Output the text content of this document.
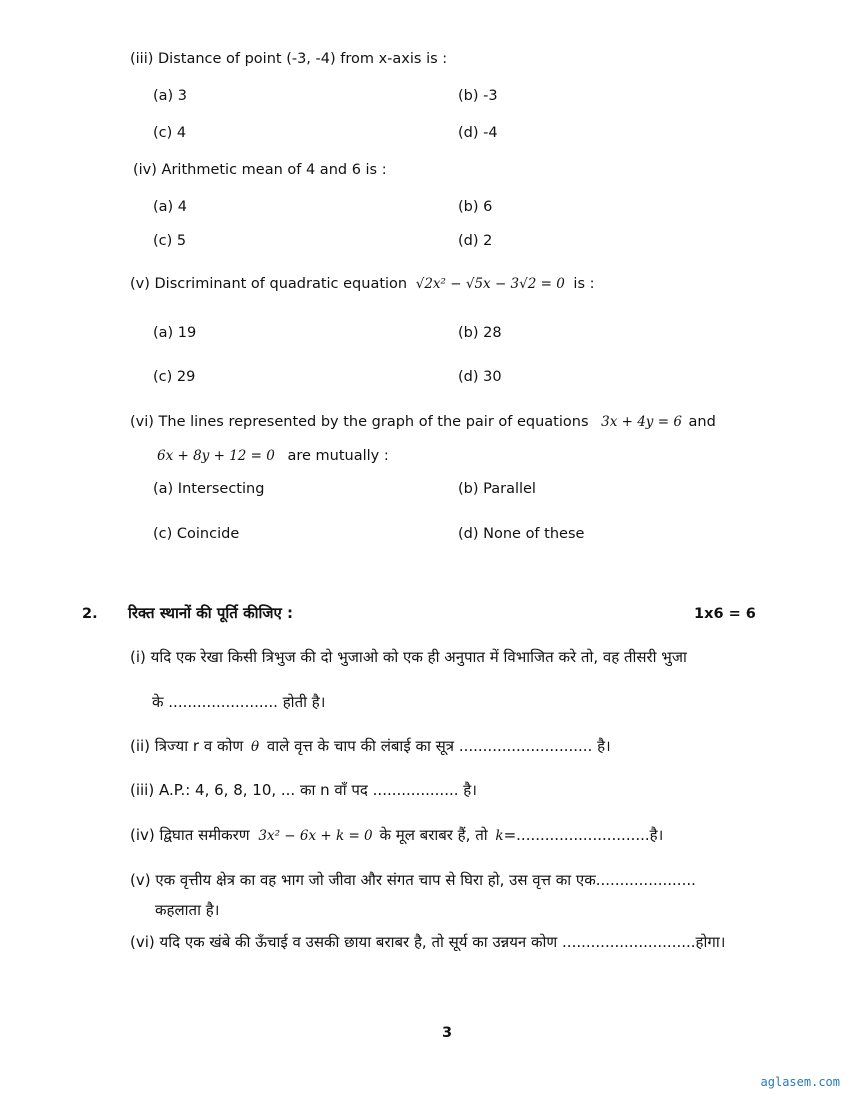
(iii) Distance of point (-3, -4) from x-axis is :
(a) 3	(b) -3
(c) 4	(d) -4
(iv) Arithmetic mean of 4 and 6 is :
(a) 4	(b) 6
(c) 5	(d) 2
(v) Discriminant of quadratic equation √2x² − √5x − 3√2 = 0 is :
(a) 19	(b) 28
(c) 29	(d) 30
(vi) The lines represented by the graph of the pair of equations 3x + 4y = 6 and
6x + 8y + 12 = 0 are mutually :
(a) Intersecting	(b) Parallel
(c) Coincide	(d) None of these
2. रिक्त स्थानों की पूर्ति कीजिए :	1x6 = 6
(i) यदि एक रेखा किसी त्रिभुज की दो भुजाओ को एक ही अनुपात में विभाजित करे तो, वह तीसरी भुजा
के ....................... होती है।
(ii) त्रिज्या r व कोण θ वाले वृत्त के चाप की लंबाई का सूत्र ............................ है।
(iii) A.P.: 4, 6, 8, 10, ... का n वाँ पद .................. है।
(iv) द्विघात समीकरण 3x² − 6x + k = 0 के मूल बराबर हैं, तो k=............................है।
(v) एक वृत्तीय क्षेत्र का वह भाग जो जीवा और संगत चाप से घिरा हो, उस वृत्त का एक.....................
कहलाता है।
(vi) यदि एक खंबे की ऊँचाई व उसकी छाया बराबर है, तो सूर्य का उन्नयन कोण ............................होगा।
3
aglasem.com
